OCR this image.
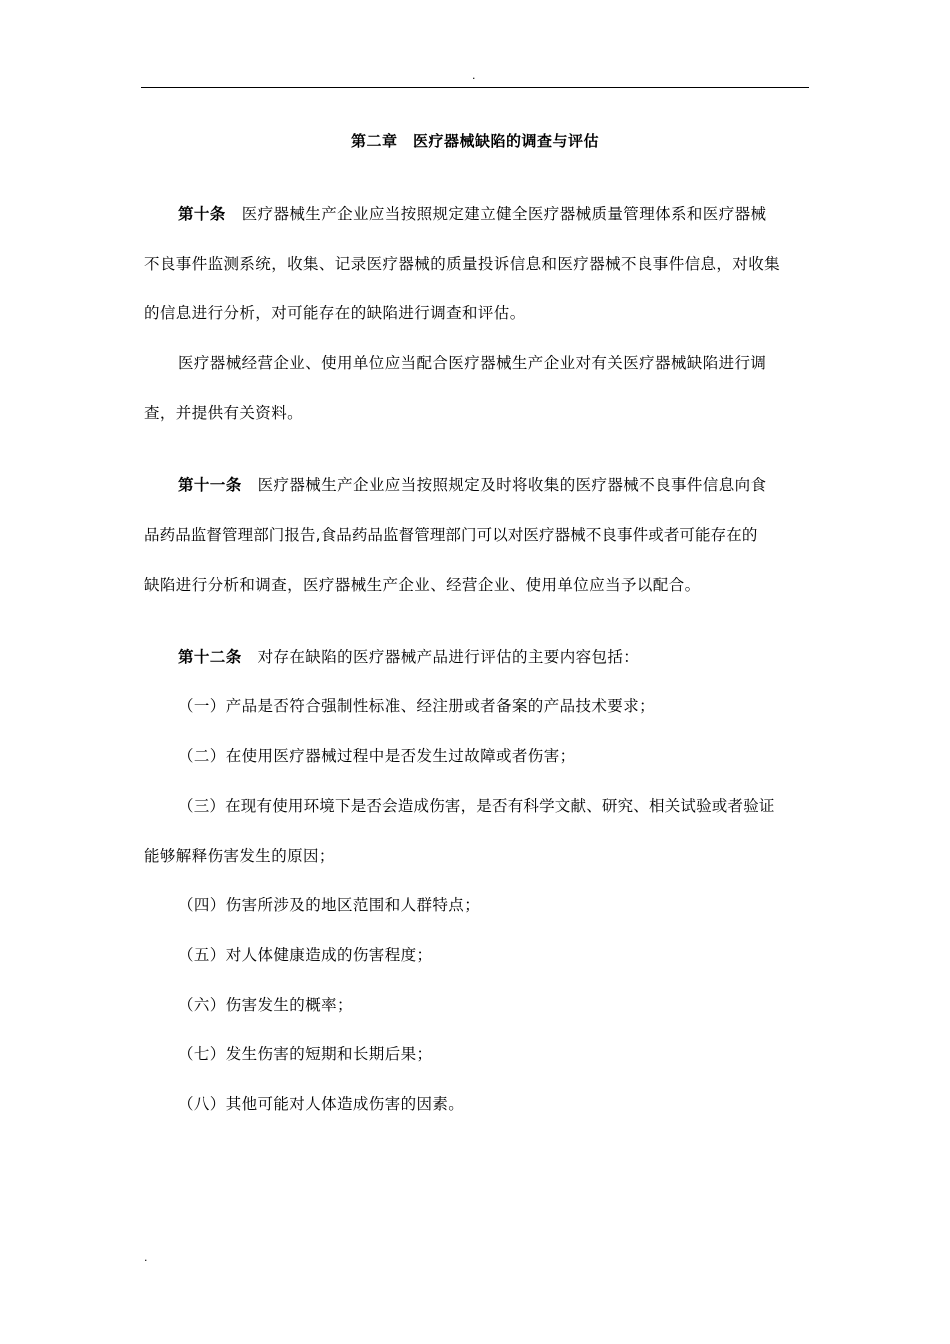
.
第二章　医疗器械缺陷的调查与评估
第十条 医疗器械生产企业应当按照规定建立健全医疗器械质量管理体系和医疗器械
不良事件监测系统，收集、记录医疗器械的质量投诉信息和医疗器械不良事件信息，对收集
的信息进行分析，对可能存在的缺陷进行调查和评估。
医疗器械经营企业、使用单位应当配合医疗器械生产企业对有关医疗器械缺陷进行调
查，并提供有关资料。
第十一条 医疗器械生产企业应当按照规定及时将收集的医疗器械不良事件信息向食
品药品监督管理部门报告,食品药品监督管理部门可以对医疗器械不良事件或者可能存在的
缺陷进行分析和调查，医疗器械生产企业、经营企业、使用单位应当予以配合。
第十二条 对存在缺陷的医疗器械产品进行评估的主要内容包括：
（一）产品是否符合强制性标准、经注册或者备案的产品技术要求；
（二）在使用医疗器械过程中是否发生过故障或者伤害；
（三）在现有使用环境下是否会造成伤害，是否有科学文献、研究、相关试验或者验证
能够解释伤害发生的原因；
（四）伤害所涉及的地区范围和人群特点；
（五）对人体健康造成的伤害程度；
（六）伤害发生的概率；
（七）发生伤害的短期和长期后果；
（八）其他可能对人体造成伤害的因素。
.
